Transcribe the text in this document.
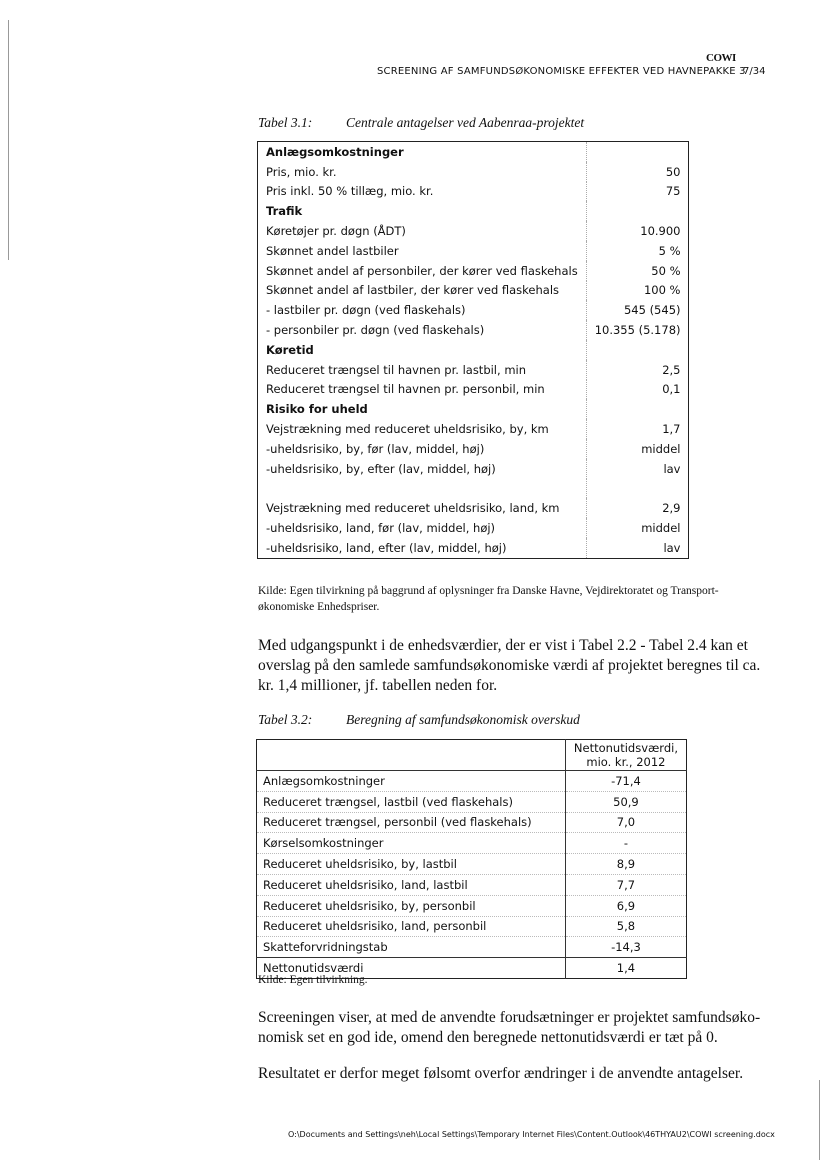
COWI
SCREENING AF SAMFUNDSØKONOMISKE EFFEKTER VED HAVNEPAKKE 3
7/34
Tabel 3.1: Centrale antagelser ved Aabenraa-projektet
Anlægsomkostninger	
Pris, mio. kr.	50
Pris inkl. 50 % tillæg, mio. kr.	75
Trafik	
Køretøjer pr. døgn (ÅDT)	10.900
Skønnet andel lastbiler	5 %
Skønnet andel af personbiler, der kører ved flaskehals	50 %
Skønnet andel af lastbiler, der kører ved flaskehals	100 %
- lastbiler pr. døgn (ved flaskehals)	545 (545)
- personbiler pr. døgn (ved flaskehals)	10.355 (5.178)
Køretid	
Reduceret trængsel til havnen pr. lastbil, min	2,5
Reduceret trængsel til havnen pr. personbil, min	0,1
Risiko for uheld	
Vejstrækning med reduceret uheldsrisiko, by, km	1,7
-uheldsrisiko, by, før (lav, middel, høj)	middel
-uheldsrisiko, by, efter (lav, middel, høj)	lav

Vejstrækning med reduceret uheldsrisiko, land, km	2,9
-uheldsrisiko, land, før (lav, middel, høj)	middel
-uheldsrisiko, land, efter (lav, middel, høj)	lav
Kilde: Egen tilvirkning på baggrund af oplysninger fra Danske Havne, Vejdirektoratet og Transport-
økonomiske Enhedspriser.
Med udgangspunkt i de enhedsværdier, der er vist i Tabel 2.2 - Tabel 2.4 kan et
overslag på den samlede samfundsøkonomiske værdi af projektet beregnes til ca.
kr. 1,4 millioner, jf. tabellen neden for.
Tabel 3.2: Beregning af samfundsøkonomisk overskud

	Nettonutidsværdi,
mio. kr., 2012

Anlægsomkostninger	-71,4
Reduceret trængsel, lastbil (ved flaskehals)	50,9
Reduceret trængsel, personbil (ved flaskehals)	7,0
Kørselsomkostninger	-
Reduceret uheldsrisiko, by, lastbil	8,9
Reduceret uheldsrisiko, land, lastbil	7,7
Reduceret uheldsrisiko, by, personbil	6,9
Reduceret uheldsrisiko, land, personbil	5,8
Skatteforvridningstab	-14,3
Nettonutidsværdi	1,4
Kilde: Egen tilvirkning.
Screeningen viser, at med de anvendte forudsætninger er projektet samfundsøko-
nomisk set en god ide, omend den beregnede nettonutidsværdi er tæt på 0.
Resultatet er derfor meget følsomt overfor ændringer i de anvendte antagelser.
O:\Documents and Settings\neh\Local Settings\Temporary Internet Files\Content.Outlook\46THYAU2\COWI screening.docx
